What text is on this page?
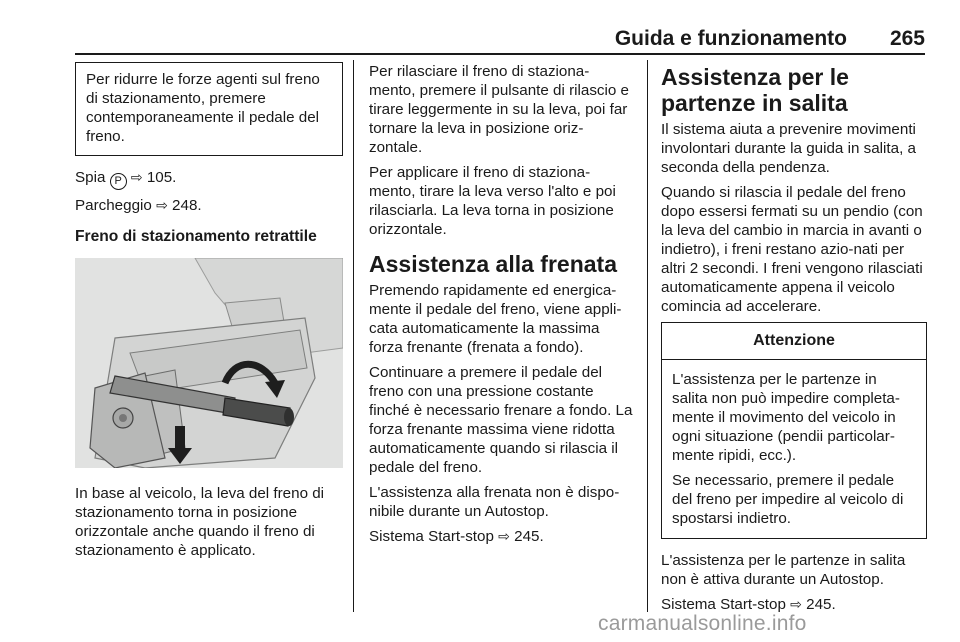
Guida e funzionamento 265
Per ridurre le forze agenti sul freno di stazionamento, premere contemporaneamente il pedale del freno.

Spia P ⇨ 105.

Parcheggio ⇨ 248.

Freno di stazionamento retrattile

In base al veicolo, la leva del freno di stazionamento torna in posizione orizzontale anche quando il freno di stazionamento è applicato.

Per rilasciare il freno di staziona-mento, premere il pulsante di rilascio e tirare leggermente in su la leva, poi far tornare la leva in posizione oriz-zontale.

Per applicare il freno di staziona-mento, tirare la leva verso l'alto e poi rilasciarla. La leva torna in posizione orizzontale.

Assistenza alla frenata

Premendo rapidamente ed energica-mente il pedale del freno, viene appli-cata automaticamente la massima forza frenante (frenata a fondo).

Continuare a premere il pedale del freno con una pressione costante finché è necessario frenare a fondo. La forza frenante massima viene ridotta automaticamente quando si rilascia il pedale del freno.

L'assistenza alla frenata non è dispo-nibile durante un Autostop.

Sistema Start-stop ⇨ 245.

Assistenza per le partenze in salita

Il sistema aiuta a prevenire movimenti involontari durante la guida in salita, a seconda della pendenza.

Quando si rilascia il pedale del freno dopo essersi fermati su un pendio (con la leva del cambio in marcia in avanti o indietro), i freni restano azio-nati per altri 2 secondi. I freni vengono rilasciati automaticamente appena il veicolo comincia ad accelerare.

Attenzione

L'assistenza per le partenze in salita non può impedire completa-mente il movimento del veicolo in ogni situazione (pendii particolar-mente ripidi, ecc.).

Se necessario, premere il pedale del freno per impedire al veicolo di spostarsi indietro.

L'assistenza per le partenze in salita non è attiva durante un Autostop.

Sistema Start-stop ⇨ 245.

carmanualsonline.info
